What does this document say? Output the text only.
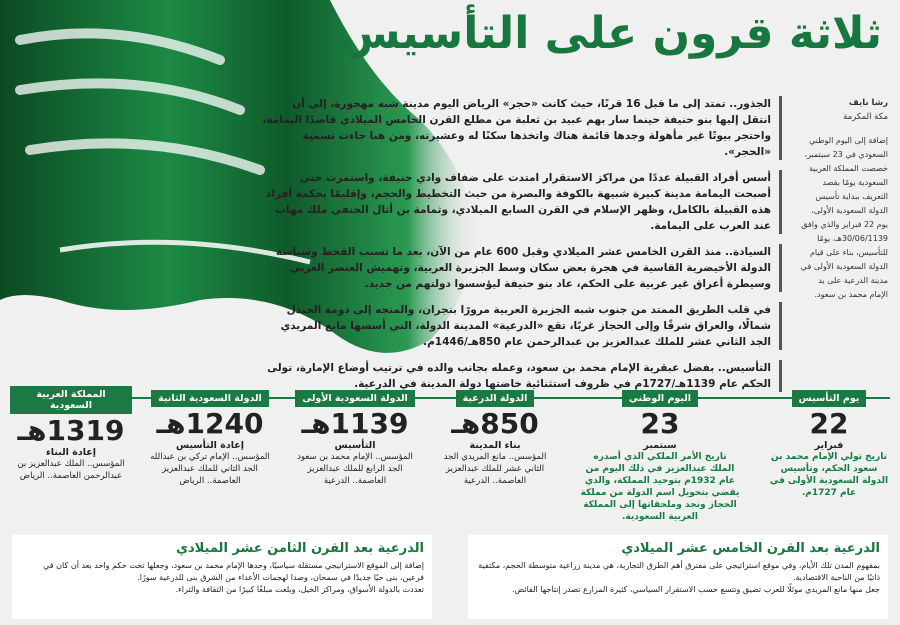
ثلاثة قرون على التأسيس
رشا نايف
مكة المكرمة
إضافة إلى اليوم الوطني السعودي في 23 سبتمبر، خصصت المملكة العربية السعودية يومًا بقصد التعريف ببداية تأسيس الدولة السعودية الأولى، يوم 22 فبراير والذي وافق 30/06/1139هـ، يومًا للتأسيس، بناء على قيام الدولة السعودية الأولى في مدينة الدرعية على يد الإمام محمد بن سعود.
الجذور.. تمتد إلى ما قبل 16 قرنًا، حيث كانت «حجر» الرياض اليوم مدينة شبه مهجورة، إلى أن انتقل إليها بنو حنيفة حينما سار بهم عبيد بن ثعلبة من مطلع القرن الخامس الميلادي قاصدًا اليمامة، واحتجر بيوتًا غير مأهولة وجدها قائمة هناك واتخذها سكنًا له وعشيرته، ومن هنا جاءت تسمية «الحجر».
أسس أفراد القبيلة عددًا من مراكز الاستقرار امتدت على ضفاف وادي حنيفة، واستمرت حتى أصبحت اليمامة مدينة كبيرة شبيهة بالكوفة والبصرة من حيث التخطيط والحجم، وإقليمًا يحكمه أفراد هذه القبيلة بالكامل، وظهر الإسلام في القرن السابع الميلادي، وثمامة بن أثال الحنفي ملك مهاب عند العرب على اليمامة.
السيادة.. منذ القرن الخامس عشر الميلادي وقبل 600 عام من الآن، بعد ما تسبب القحط وسياسة الدولة الأخيضرية القاسية في هجرة بعض سكان وسط الجزيرة العربية، وتهميش العنصر العربي وسيطرة أعراق غير عربية على الحكم، عاد بنو حنيفة ليؤسسوا دولتهم من جديد.
في قلب الطريق الممتد من جنوب شبه الجزيرة العربية مرورًا بنجران، والمتجه إلى دومة الجندل شمالًا، والعراق شرقًا وإلى الحجاز غربًا، تقع «الدرعية» المدينة الدولة، التي أسسها مانع المريدي الجد الثاني عشر للملك عبدالعزيز بن عبدالرحمن عام 850هـ/1446م.
التأسيس.. بفضل عبقرية الإمام محمد بن سعود، وعمله بجانب والده في ترتيب أوضاع الإمارة، تولى الحكم عام 1139هـ/1727م في ظروف استثنائية خاضتها دولة المدينة في الدرعية.
يوم التأسيس
22
فبراير
تاريخ تولي الإمام محمد بن سعود الحكم، وتأسيس الدولة السعودية الأولى في عام 1727م.
اليوم الوطني
23
سبتمبر
تاريخ الأمر الملكي الذي أصدره الملك عبدالعزيز في ذلك اليوم من عام 1932م بتوحيد المملكة، والذي يقضي بتحويل اسم الدولة من مملكة الحجاز ونجد وملحقاتها إلى المملكة العربية السعودية.
الدولة الدرعية
850هـ
بناء المدينة
المؤسس.. مانع المريدي الجد الثاني عشر للملك عبدالعزيز العاصمة.. الدرعية
الدولة السعودية الأولى
1139هـ
التأسيس
المؤسس.. الإمام محمد بن سعود الجد الرابع للملك عبدالعزيز العاصمة.. الدرعية
الدولة السعودية الثانية
1240هـ
إعادة التأسيس
المؤسس.. الإمام تركي بن عبدالله الجد الثاني للملك عبدالعزيز العاصمة.. الرياض
المملكة العربية السعودية
1319هـ
إعادة البناء
المؤسس.. الملك عبدالعزيز بن عبدالرحمن العاصمة.. الرياض
الدرعية بعد القرن الخامس عشر الميلادي

بمفهوم المدن تلك الأيام، وفي موقع استراتيجي على مفترق أهم الطرق التجارية، هي مدينة زراعية متوسطة الحجم، مكتفية ذاتيًا من الناحية الاقتصادية.

جعل منها مانع المريدي موئلًا للعرب تضيق وتتسع حسب الاستقرار السياسي، كثيرة المزارع تصدر إنتاجها الفائض.

الدرعية بعد القرن الثامن عشر الميلادي

إضافة إلى الموقع الاستراتيجي مستقلة سياسيًا، وحدها الإمام محمد بن سعود، وجعلها تحت حكم واحد بعد أن كان في فرعين، بنى حيًا جديدًا في سمحان، وصدا لهجمات الأعداء من الشرق بنى للدرعية سورًا.

تعددت بالدولة الأسواق، ومراكز الخيل، وبلغت مبلغًا كبيرًا من الثقافة والثراء.
